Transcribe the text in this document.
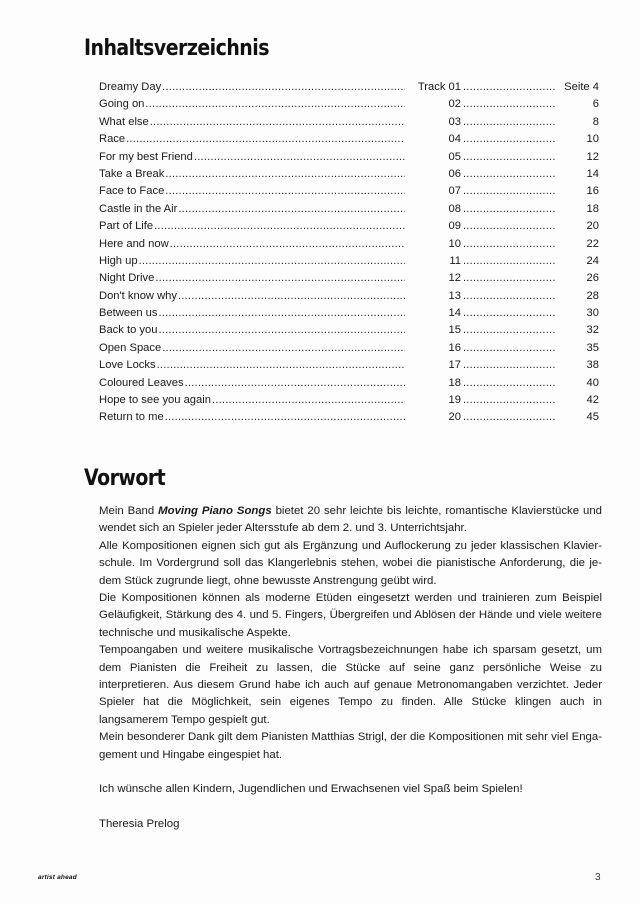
Inhaltsverzeichnis
Dreamy Day .....	Track 01 .....	Seite 4
Going on .....	02 .....	6
What else .....	03 .....	8
Race .....	04 .....	10
For my best Friend .....	05 .....	12
Take a Break .....	06 .....	14
Face to Face .....	07 .....	16
Castle in the Air .....	08 .....	18
Part of Life .....	09 .....	20
Here and now .....	10 .....	22
High up .....	11 .....	24
Night Drive .....	12 .....	26
Don't know why .....	13 .....	28
Between us .....	14 .....	30
Back to you .....	15 .....	32
Open Space .....	16 .....	35
Love Locks .....	17 .....	38
Coloured Leaves .....	18 .....	40
Hope to see you again .....	19 .....	42
Return to me .....	20 .....	45
Vorwort

Mein Band Moving Piano Songs bietet 20 sehr leichte bis leichte, romantische Klavierstücke und wendet sich an Spieler jeder Altersstufe ab dem 2. und 3. Unterrichtsjahr.

Alle Kompositionen eignen sich gut als Ergänzung und Auflockerung zu jeder klassischen Klavierschule. Im Vordergrund soll das Klangerlebnis stehen, wobei die pianistische Anforderung, die jedem Stück zugrunde liegt, ohne bewusste Anstrengung geübt wird.

Die Kompositionen können als moderne Etüden eingesetzt werden und trainieren zum Beispiel Geläufigkeit, Stärkung des 4. und 5. Fingers, Übergreifen und Ablösen der Hände und viele weitere technische und musikalische Aspekte.

Tempoangaben und weitere musikalische Vortragsbezeichnungen habe ich sparsam gesetzt, um dem Pianisten die Freiheit zu lassen, die Stücke auf seine ganz persönliche Weise zu interpretieren. Aus diesem Grund habe ich auch auf genaue Metronomangaben verzichtet. Jeder Spieler hat die Möglichkeit, sein eigenes Tempo zu finden. Alle Stücke klingen auch in langsamerem Tempo gespielt gut.

Mein besonderer Dank gilt dem Pianisten Matthias Strigl, der die Kompositionen mit sehr viel Engagement und Hingabe eingespiet hat.

Ich wünsche allen Kindern, Jugendlichen und Erwachsenen viel Spaß beim Spielen!

Theresia Prelog

artist ahead	3
